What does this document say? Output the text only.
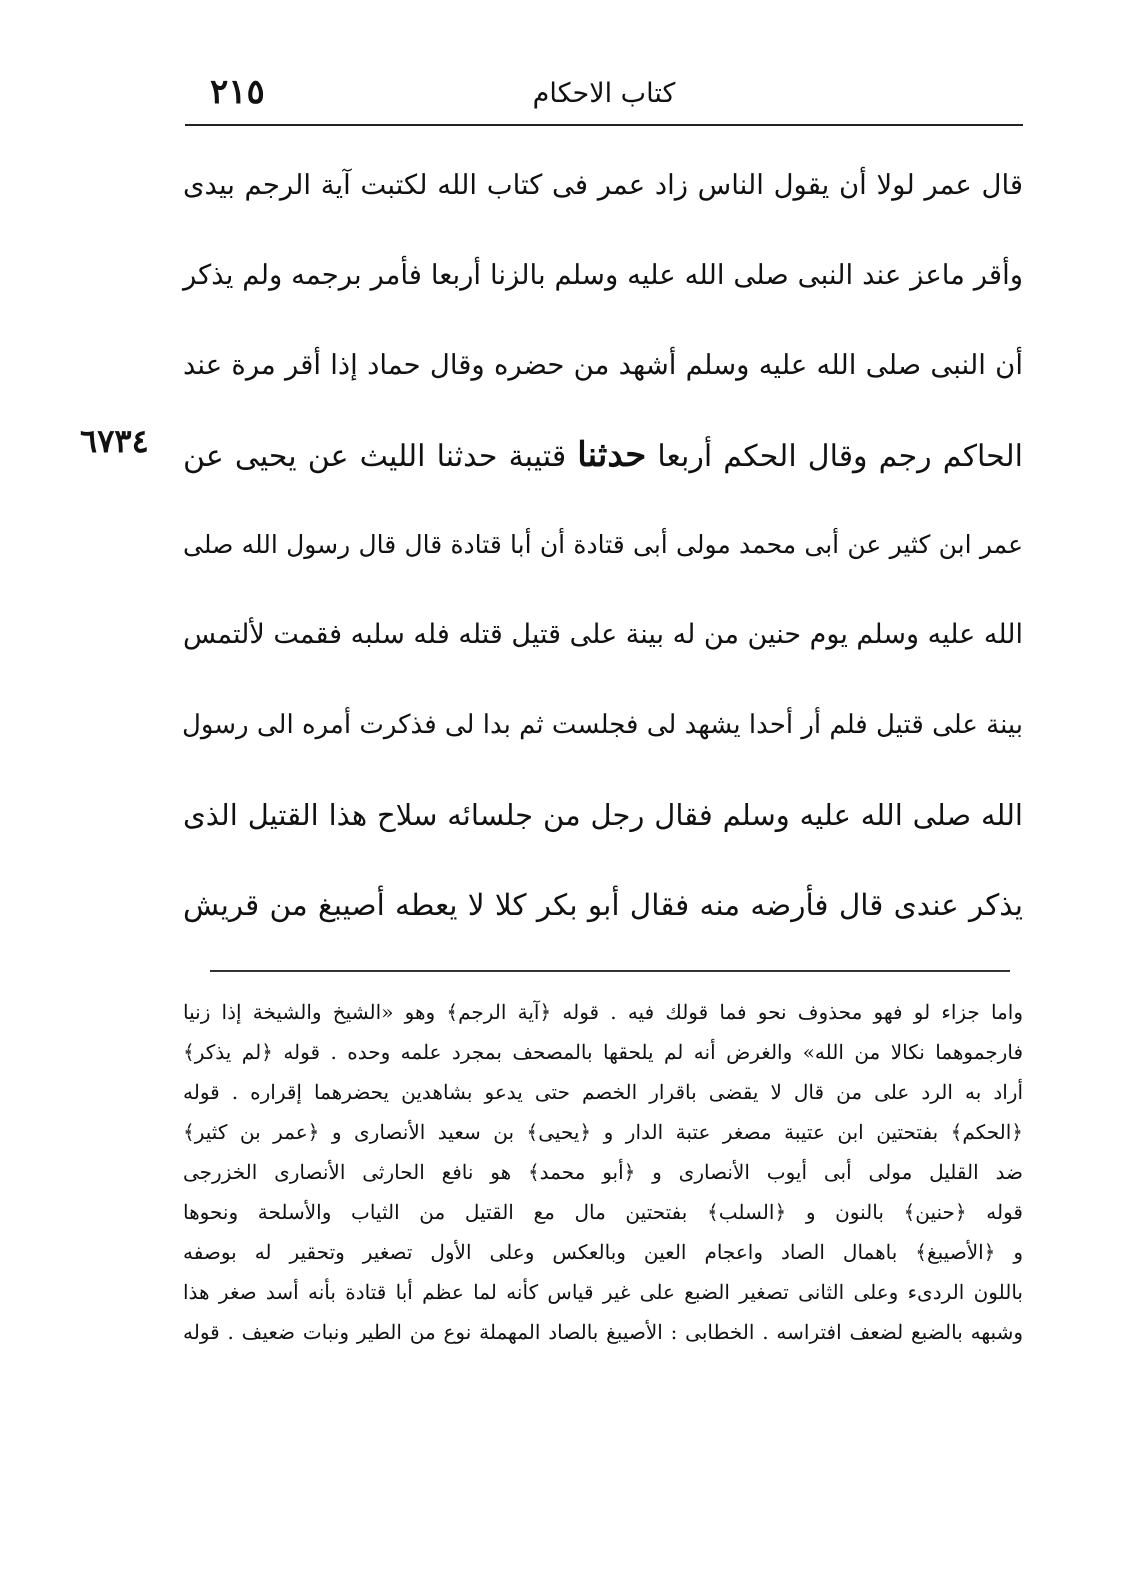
٢١٥	كتاب الاحكام
قال عمر لولا أن يقول الناس زاد عمر فى كتاب الله لكتبت آية الرجم بيدى
وأقر ماعز عند النبى صلى الله عليه وسلم بالزنا أربعا فأمر برجمه ولم يذكر
أن النبى صلى الله عليه وسلم أشهد من حضره وقال حماد إذا أقر مرة عند
الحاكم رجم وقال الحكم أربعا حدثنا قتيبة حدثنا الليث عن يحيى عن
عمر ابن كثير عن أبى محمد مولى أبى قتادة أن أبا قتادة قال قال رسول الله صلى
الله عليه وسلم يوم حنين من له بينة على قتيل قتله فله سلبه فقمت لألتمس
بينة على قتيل فلم أر أحدا يشهد لى فجلست ثم بدا لى فذكرت أمره الى رسول
الله صلى الله عليه وسلم فقال رجل من جلسائه سلاح هذا القتيل الذى
يذكر عندى قال فأرضه منه فقال أبو بكر كلا لا يعطه أصيبغ من قريش
٦٧٣٤
واما جزاء لو فهو محذوف نحو فما قولك فيه . قوله ﴿آية الرجم﴾ وهو «الشيخ والشيخة إذا زنيا
فارجموهما نكالا من الله» والغرض أنه لم يلحقها بالمصحف بمجرد علمه وحده . قوله ﴿لم يذكر﴾
أراد به الرد على من قال لا يقضى باقرار الخصم حتى يدعو بشاهدين يحضرهما إقراره . قوله
﴿الحكم﴾ بفتحتين ابن عتيبة مصغر عتبة الدار و ﴿يحيى﴾ بن سعيد الأنصارى و ﴿عمر بن كثير﴾
ضد القليل مولى أبى أيوب الأنصارى و ﴿أبو محمد﴾ هو نافع الحارثى الأنصارى الخزرجى
قوله ﴿حنين﴾ بالنون و ﴿السلب﴾ بفتحتين مال مع القتيل من الثياب والأسلحة ونحوها
و ﴿الأصيبغ﴾ باهمال الصاد واعجام العين وبالعكس وعلى الأول تصغير وتحقير له بوصفه
باللون الردىء وعلى الثانى تصغير الضبع على غير قياس كأنه لما عظم أبا قتادة بأنه أسد صغر هذا
وشبهه بالضبع لضعف افتراسه . الخطابى : الأصيبغ بالصاد المهملة نوع من الطير ونبات ضعيف . قوله
